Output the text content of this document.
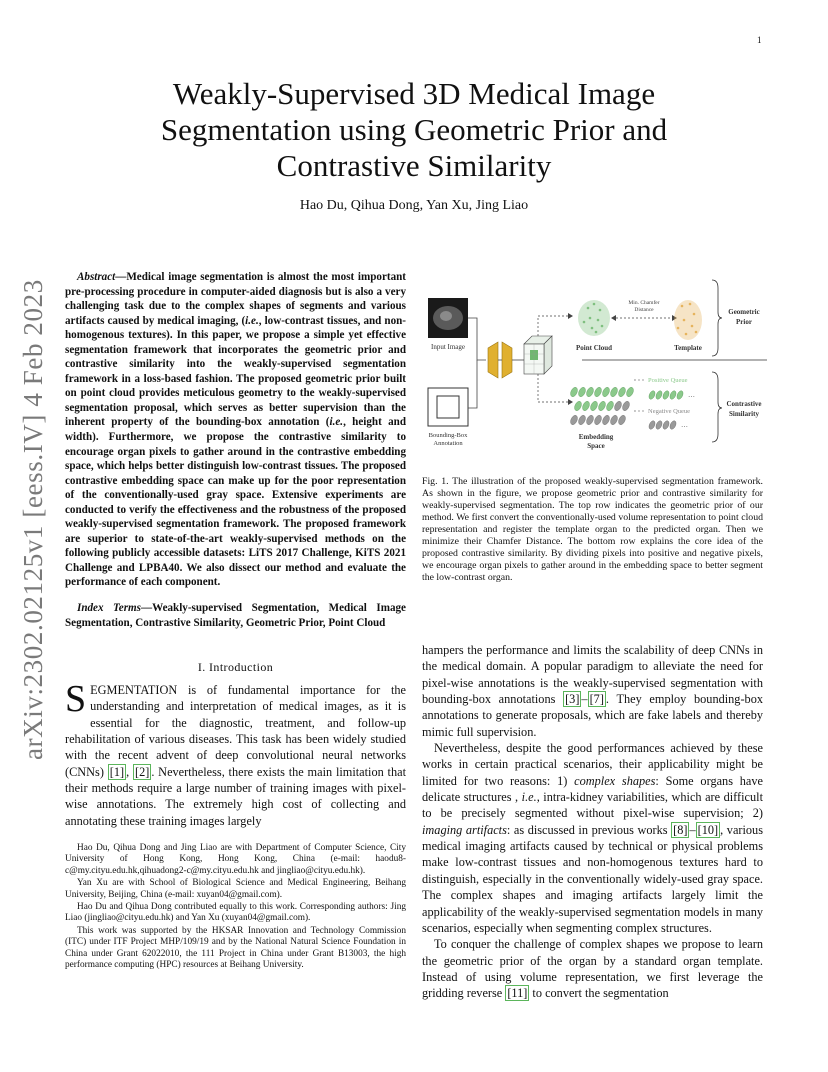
1
arXiv:2302.02125v1 [eess.IV] 4 Feb 2023
Weakly-Supervised 3D Medical Image
Segmentation using Geometric Prior and
Contrastive Similarity
Hao Du, Qihua Dong, Yan Xu, Jing Liao

Abstract—Medical image segmentation is almost the most important pre-processing procedure in computer-aided diagnosis but is also a very challenging task due to the complex shapes of segments and various artifacts caused by medical imaging, (i.e., low-contrast tissues, and non-homogenous textures). In this paper, we propose a simple yet effective segmentation framework that incorporates the geometric prior and contrastive similarity into the weakly-supervised segmentation framework in a loss-based fashion. The proposed geometric prior built on point cloud provides meticulous geometry to the weakly-supervised segmentation proposal, which serves as better supervision than the inherent property of the bounding-box annotation (i.e., height and width). Furthermore, we propose the contrastive similarity to encourage organ pixels to gather around in the contrastive embedding space, which helps better distinguish low-contrast tissues. The proposed contrastive embedding space can make up for the poor representation of the conventionally-used gray space. Extensive experiments are conducted to verify the effectiveness and the robustness of the proposed weakly-supervised segmentation framework. The proposed framework are superior to state-of-the-art weakly-supervised methods on the following publicly accessible datasets: LiTS 2017 Challenge, KiTS 2021 Challenge and LPBA40. We also dissect our method and evaluate the performance of each component.

Index Terms—Weakly-supervised Segmentation, Medical Image Segmentation, Contrastive Similarity, Geometric Prior, Point Cloud

I. Introduction

SEGMENTATION is of fundamental importance for the understanding and interpretation of medical images, as it is essential for the diagnostic, treatment, and follow-up rehabilitation of various diseases. This task has been widely studied with the recent advent of deep convolutional neural networks (CNNs) [1] , [2] . Nevertheless, there exists the main limitation that their methods require a large number of training images with pixel-wise annotations. The extremely high cost of collecting and annotating these training images largely

Hao Du, Qihua Dong and Jing Liao are with Department of Computer Science, City University of Hong Kong, Hong Kong, China (e-mail: haodu8-c@my.cityu.edu.hk,qihuadong2-c@my.cityu.edu.hk and jingliao@cityu.edu.hk).

Yan Xu are with School of Biological Science and Medical Engineering, Beihang University, Beijing, China (e-mail: xuyan04@gmail.com).

Hao Du and Qihua Dong contributed equally to this work. Corresponding authors: Jing Liao (jingliao@cityu.edu.hk) and Yan Xu (xuyan04@gmail.com).

This work was supported by the HKSAR Innovation and Technology Commission (ITC) under ITF Project MHP/109/19 and by the National Natural Science Foundation in China under Grant 62022010, the 111 Project in China under Grant B13003, the high performance computing (HPC) resources at Beihang University.

Input Image
Bounding-Box
Annotation
Point Cloud
Min. Chamfer
Distance
Template
Geometric
Prior
Embedding
Space
Positive Queue
…
Negative Queue
…
Contrastive
Similarity
Fig. 1. The illustration of the proposed weakly-supervised segmentation framework. As shown in the figure, we propose geometric prior and contrastive similarity for weakly-supervised segmentation. The top row indicates the geometric prior of our method. We first convert the conventionally-used volume representation to point cloud representation and register the template organ to the predicted organ. Then we minimize their Chamfer Distance. The bottom row explains the core idea of the proposed contrastive similarity. By dividing pixels into positive and negative pixels, we encourage organ pixels to gather around in the embedding space to better segment the low-contrast organ.

hampers the performance and limits the scalability of deep CNNs in the medical domain. A popular paradigm to alleviate the need for pixel-wise annotations is the weakly-supervised segmentation with bounding-box annotations [3] – [7] . They employ bounding-box annotations to generate proposals, which are fake labels and thereby mimic full supervision.

Nevertheless, despite the good performances achieved by these works in certain practical scenarios, their applicability might be limited for two reasons: 1) complex shapes: Some organs have delicate structures , i.e., intra-kidney variabilities, which are difficult to be precisely segmented without pixel-wise supervision; 2) imaging artifacts: as discussed in previous works [8] – [10] , various medical imaging artifacts caused by technical or physical problems make low-contrast tissues and non-homogenous textures hard to distinguish, especially in the conventionally widely-used gray space. The complex shapes and imaging artifacts largely limit the applicability of the weakly-supervised segmentation models in many scenarios, especially when segmenting complex structures.

To conquer the challenge of complex shapes we propose to learn the geometric prior of the organ by a standard organ template. Instead of using volume representation, we first leverage the gridding reverse [11] to convert the segmentation
